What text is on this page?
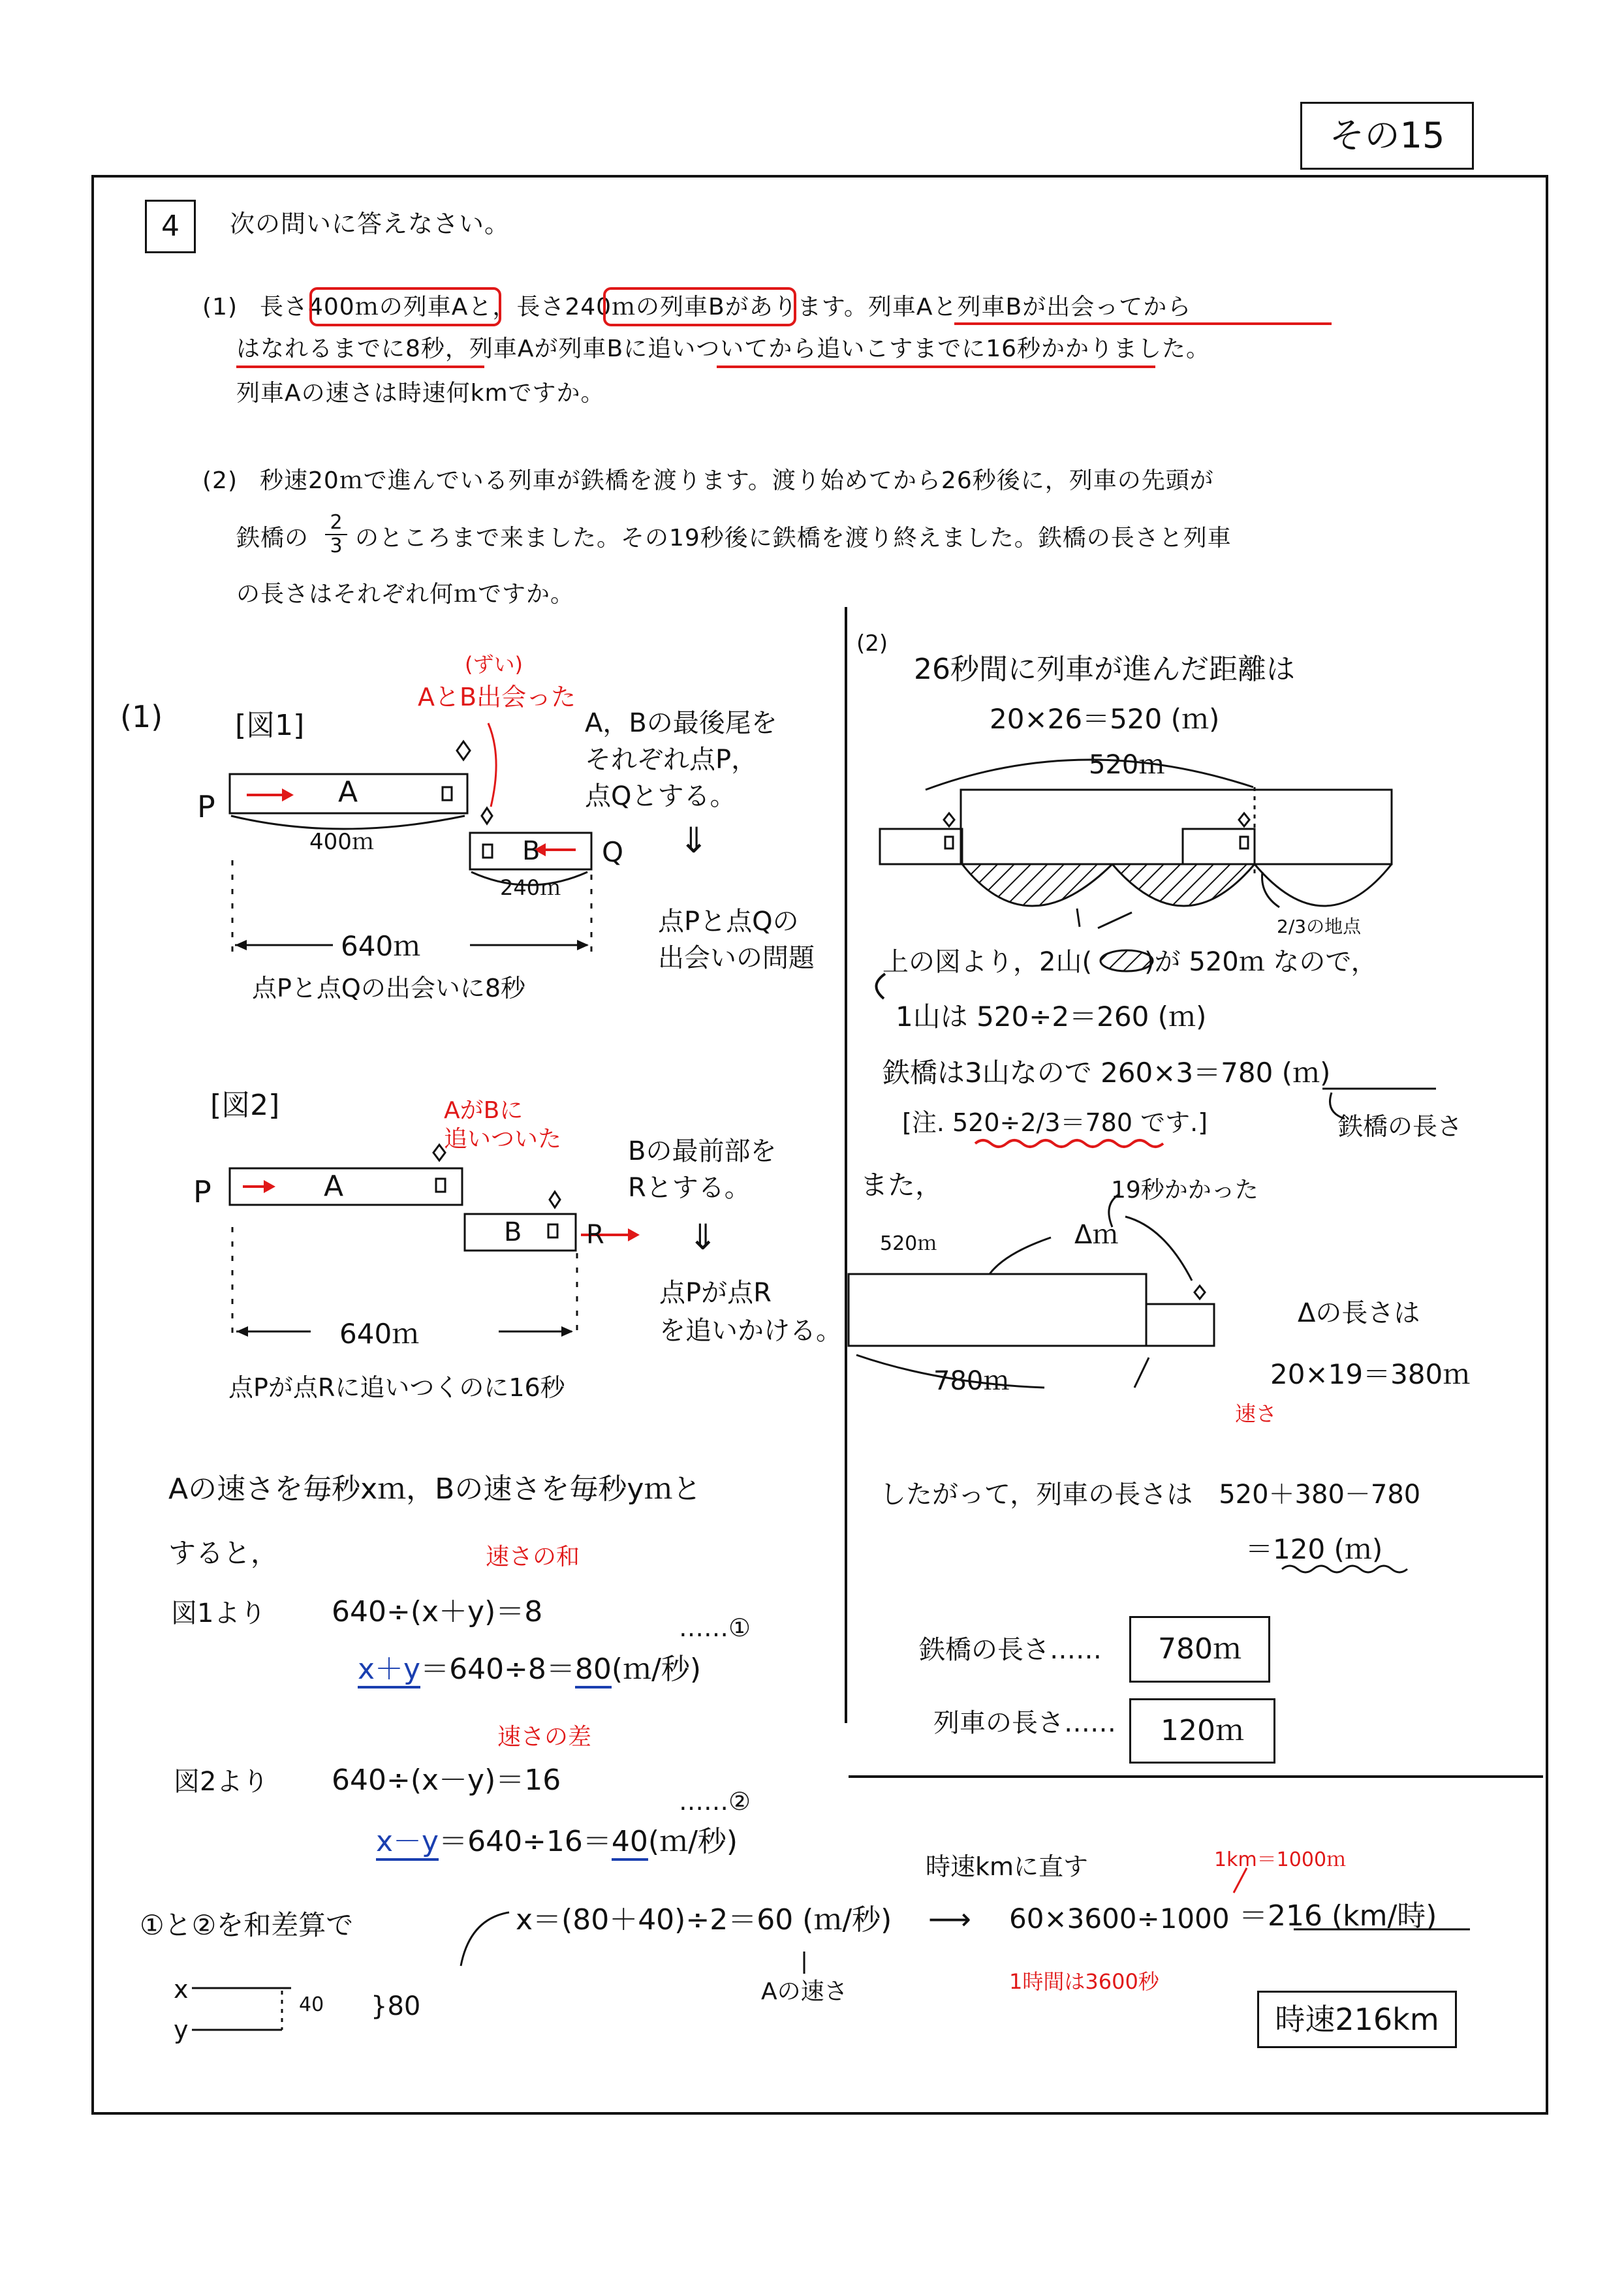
その15
4	次の問いに答えなさい。
(1) 長さ400ｍの列車Aと，長さ240ｍの列車Bがあります。列車Aと列車Bが出会ってから
はなれるまでに8秒，列車Aが列車Bに追いついてから追いこすまでに16秒かかりました。
列車Aの速さは時速何kmですか。
(2) 秒速20ｍで進んでいる列車が鉄橋を渡ります。渡り始めてから26秒後に，列車の先頭が
鉄橋の $\frac{2}{3}$ のところまで来ました。その19秒後に鉄橋を渡り終えました。鉄橋の長さと列車
の長さはそれぞれ何ｍですか。
(1)	[図1]
(ずい)
AとB出会った
A，Bの最後尾を
それぞれ点P，
点Qとする。
⇓
点Pと点Qの
出会いの問題
P
Q
A
B
400ｍ
240ｍ
640ｍ
点Pと点Qの出会いに8秒
[図2]	AがBに
追いついた	Bの最前部を
Rとする。
⇓
点Pが点R
を追いかける。
P
R
A
B
640ｍ
点Pが点Rに追いつくのに16秒
Aの速さを毎秒xｍ，Bの速さを毎秒yｍと
すると，	速さの和
図1より 640÷(x＋y)＝8	……①
x＋y＝640÷8＝80(ｍ/秒)
速さの差
図2より 640÷(x－y)＝16
……②
x－y＝640÷16＝40(ｍ/秒)
①と②を和差算で	x＝(80＋40)÷2＝60 (ｍ/秒) ⟶
Aの速さ
時速kmに直す	1km＝1000ｍ
60×3600÷1000 ＝216 (km/時)
1時間は3600秒
x
y
40 }80	時速216km
(2)
26秒間に列車が進んだ距離は
20×26＝520 (ｍ)
520ｍ
2/3の地点
上の図より，2山(　　)が 520ｍ なので，
1山は 520÷2＝260 (ｍ)
鉄橋は3山なので 260×3＝780 (ｍ)
[注. 520÷2/3＝780 です.]	鉄橋の長さ
また，	19秒かかった
Δｍ
520ｍ
780ｍ
Δの長さは
20×19＝380ｍ
速さ
したがって，列車の長さは　520＋380－780
＝120 (ｍ)
鉄橋の長さ……	780ｍ
列車の長さ……	120ｍ
